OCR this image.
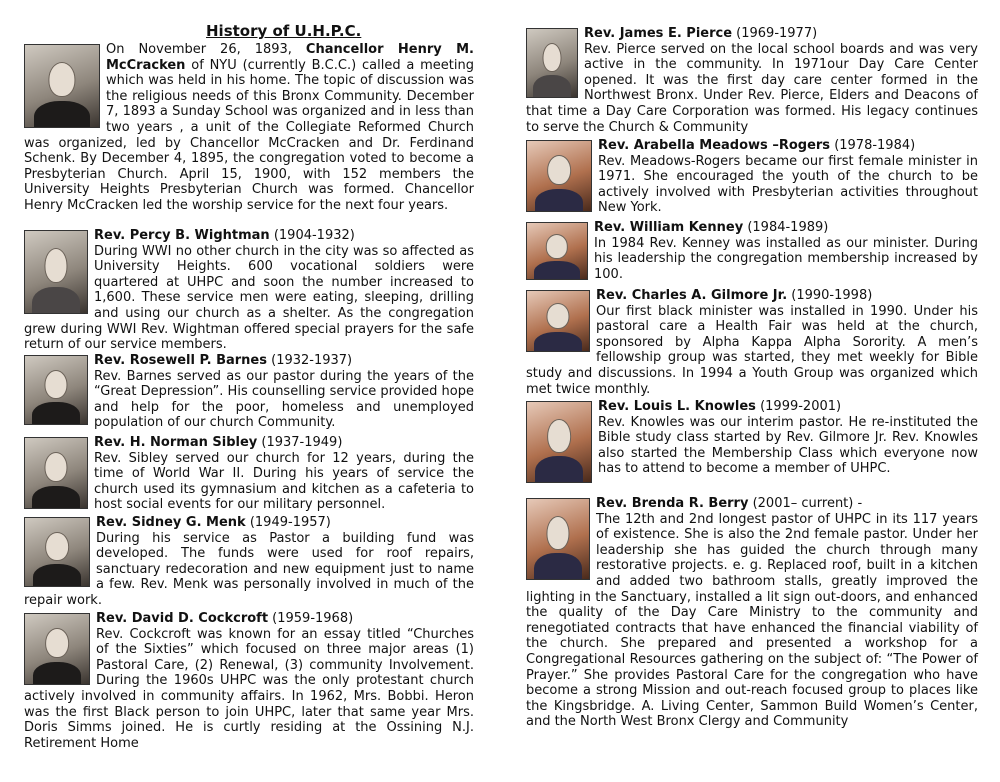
History of U.H.P.C.
On November 26, 1893, Chancellor Henry M. McCracken of NYU (currently B.C.C.) called a meeting which was held in his home. The topic of discussion was the religious needs of this Bronx Community. December 7, 1893 a Sunday School was organized and in less than two years , a unit of the Collegiate Reformed Church was organized, led by Chancellor McCracken and Dr. Ferdinand Schenk. By December 4, 1895, the congregation voted to become a Presbyterian Church. April 15, 1900, with 152 members the University Heights Presbyterian Church was formed. Chancellor Henry McCracken led the worship service for the next four years.
Rev. Percy B. Wightman (1904-1932)
During WWI no other church in the city was so affected as University Heights. 600 vocational soldiers were quartered at UHPC and soon the number increased to 1,600. These service men were eating, sleeping, drilling and using our church as a shelter. As the congregation grew during WWI Rev. Wightman offered special prayers for the safe return of our service members.
Rev. Rosewell P. Barnes (1932-1937)
Rev. Barnes served as our pastor during the years of the “Great Depression”. His counselling service provided hope and help for the poor, homeless and unemployed population of our church Community.
Rev. H. Norman Sibley (1937-1949)
Rev. Sibley served our church for 12 years, during the time of World War II. During his years of service the church used its gymnasium and kitchen as a cafeteria to host social events for our military personnel.
Rev. Sidney G. Menk (1949-1957)
During his service as Pastor a building fund was developed. The funds were used for roof repairs, sanctuary redecoration and new equipment just to name a few. Rev. Menk was personally involved in much of the repair work.
Rev. David D. Cockcroft (1959-1968)
Rev. Cockcroft was known for an essay titled “Churches of the Sixties” which focused on three major areas (1) Pastoral Care, (2) Renewal, (3) community Involvement. During the 1960s UHPC was the only protestant church actively involved in community affairs. In 1962, Mrs. Bobbi. Heron was the first Black person to join UHPC, later that same year Mrs. Doris Simms joined. He is curtly residing at the Ossining N.J. Retirement Home
Rev. James E. Pierce (1969-1977)
Rev. Pierce served on the local school boards and was very active in the community. In 1971our Day Care Center opened. It was the first day care center formed in the Northwest Bronx. Under Rev. Pierce, Elders and Deacons of that time a Day Care Corporation was formed. His legacy continues to serve the Church & Community
Rev. Arabella Meadows –Rogers (1978-1984)
Rev. Meadows-Rogers became our first female minister in 1971. She encouraged the youth of the church to be actively involved with Presbyterian activities throughout New York.
Rev. William Kenney (1984-1989)
In 1984 Rev. Kenney was installed as our minister. During his leadership the congregation membership increased by 100.
Rev. Charles A. Gilmore Jr. (1990-1998)
Our first black minister was installed in 1990. Under his pastoral care a Health Fair was held at the church, sponsored by Alpha Kappa Alpha Sorority. A men’s fellowship group was started, they met weekly for Bible study and discussions. In 1994 a Youth Group was organized which met twice monthly.
Rev. Louis L. Knowles (1999-2001)
Rev. Knowles was our interim pastor. He re-instituted the Bible study class started by Rev. Gilmore Jr. Rev. Knowles also started the Membership Class which everyone now has to attend to become a member of UHPC.
Rev. Brenda R. Berry (2001– current) -
The 12th and 2nd longest pastor of UHPC in its 117 years of existence. She is also the 2nd female pastor. Under her leadership she has guided the church through many restorative projects. e. g. Replaced roof, built in a kitchen and added two bathroom stalls, greatly improved the lighting in the Sanctuary, installed a lit sign out-doors, and enhanced the quality of the Day Care Ministry to the community and renegotiated contracts that have enhanced the financial viability of the church. She prepared and presented a workshop for a Congregational Resources gathering on the subject of: “The Power of Prayer.” She provides Pastoral Care for the congregation who have become a strong Mission and out-reach focused group to places like the Kingsbridge. A. Living Center, Sammon Build Women’s Center, and the North West Bronx Clergy and Community
